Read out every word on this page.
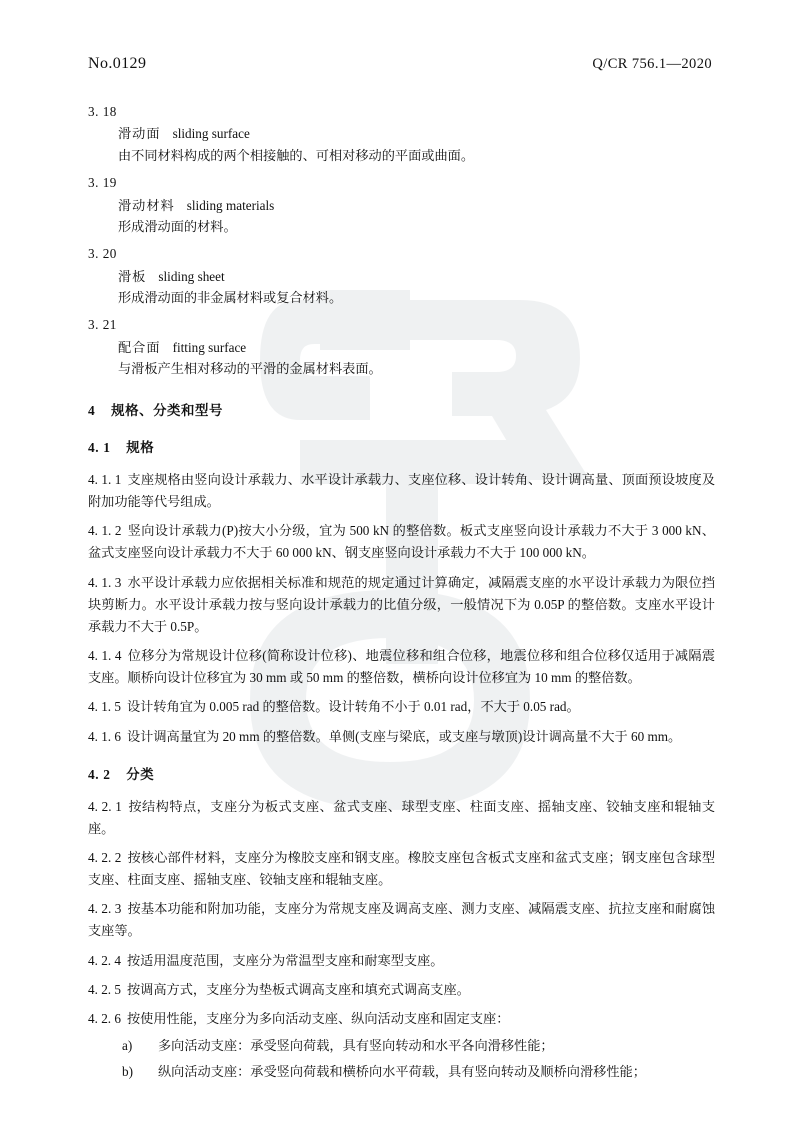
No.0129	Q/CR 756.1—2020
3. 18
滑动面 sliding surface
由不同材料构成的两个相接触的、可相对移动的平面或曲面。
3. 19
滑动材料 sliding materials
形成滑动面的材料。
3. 20
滑板 sliding sheet
形成滑动面的非金属材料或复合材料。
3. 21
配合面 fitting surface
与滑板产生相对移动的平滑的金属材料表面。
4 规格、分类和型号
4. 1 规格

4. 1. 1 支座规格由竖向设计承载力、水平设计承载力、支座位移、设计转角、设计调高量、顶面预设坡度及附加功能等代号组成。

4. 1. 2 竖向设计承载力(P)按大小分级，宜为 500 kN 的整倍数。板式支座竖向设计承载力不大于 3 000 kN、盆式支座竖向设计承载力不大于 60 000 kN、钢支座竖向设计承载力不大于 100 000 kN。

4. 1. 3 水平设计承载力应依据相关标准和规范的规定通过计算确定，减隔震支座的水平设计承载力为限位挡块剪断力。水平设计承载力按与竖向设计承载力的比值分级，一般情况下为 0.05P 的整倍数。支座水平设计承载力不大于 0.5P。

4. 1. 4 位移分为常规设计位移(简称设计位移)、地震位移和组合位移，地震位移和组合位移仅适用于减隔震支座。顺桥向设计位移宜为 30 mm 或 50 mm 的整倍数，横桥向设计位移宜为 10 mm 的整倍数。

4. 1. 5 设计转角宜为 0.005 rad 的整倍数。设计转角不小于 0.01 rad，不大于 0.05 rad。

4. 1. 6 设计调高量宜为 20 mm 的整倍数。单侧(支座与梁底，或支座与墩顶)设计调高量不大于 60 mm。

4. 2 分类

4. 2. 1 按结构特点，支座分为板式支座、盆式支座、球型支座、柱面支座、摇轴支座、铰轴支座和辊轴支座。

4. 2. 2 按核心部件材料，支座分为橡胶支座和钢支座。橡胶支座包含板式支座和盆式支座；钢支座包含球型支座、柱面支座、摇轴支座、铰轴支座和辊轴支座。

4. 2. 3 按基本功能和附加功能，支座分为常规支座及调高支座、测力支座、减隔震支座、抗拉支座和耐腐蚀支座等。

4. 2. 4 按适用温度范围，支座分为常温型支座和耐寒型支座。

4. 2. 5 按调高方式，支座分为垫板式调高支座和填充式调高支座。

4. 2. 6 按使用性能，支座分为多向活动支座、纵向活动支座和固定支座：

a)	多向活动支座：承受竖向荷载，具有竖向转动和水平各向滑移性能；
b)	纵向活动支座：承受竖向荷载和横桥向水平荷载，具有竖向转动及顺桥向滑移性能；
